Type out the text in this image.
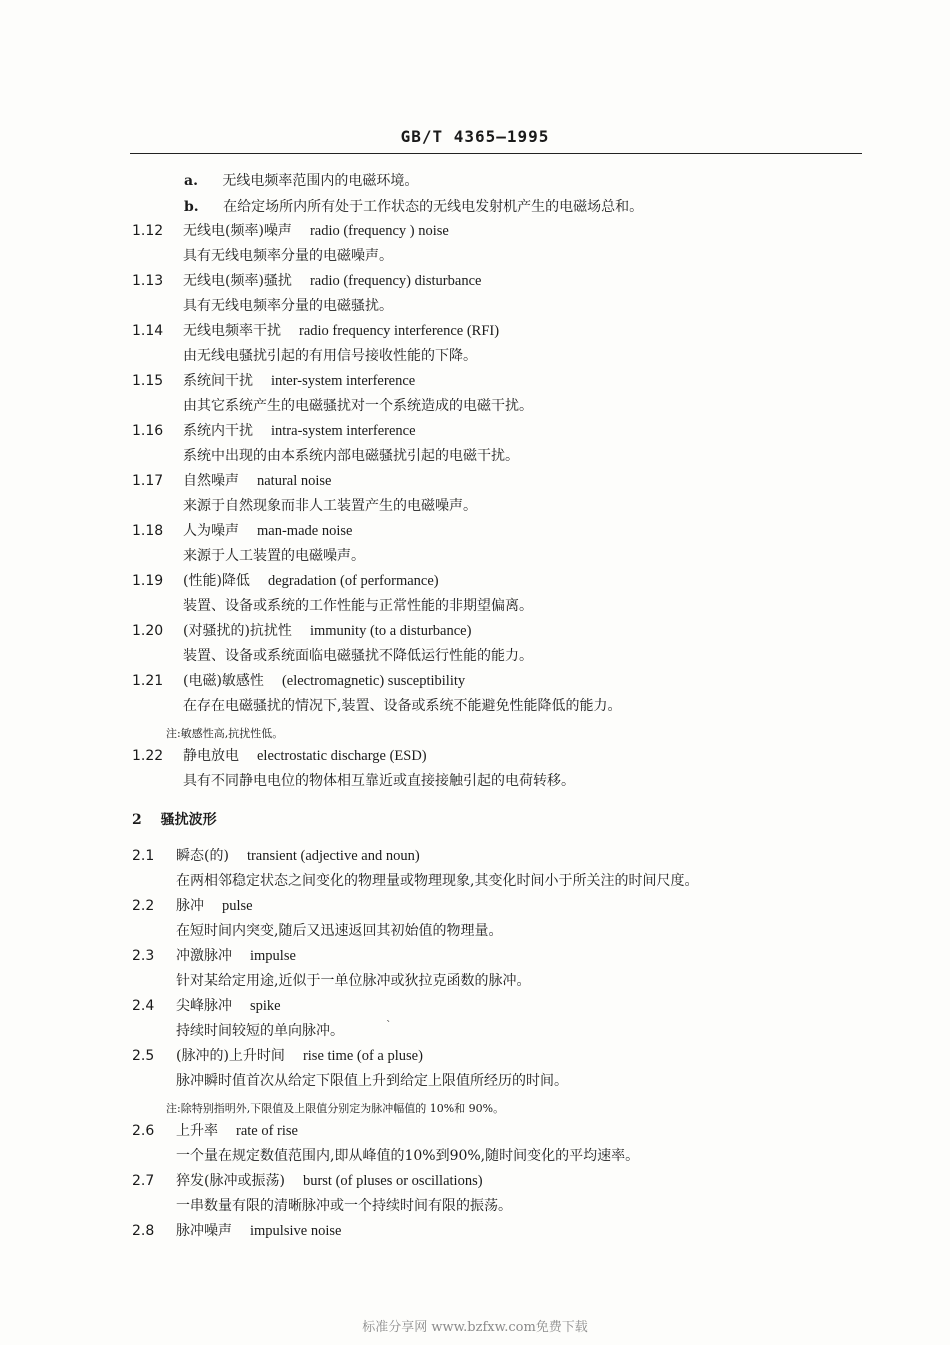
GB/T 4365—1995
a. 无线电频率范围内的电磁环境。
b. 在给定场所内所有处于工作状态的无线电发射机产生的电磁场总和。
1.12 无线电(频率)噪声 radio (frequency ) noise
具有无线电频率分量的电磁噪声。
1.13 无线电(频率)骚扰 radio (frequency) disturbance
具有无线电频率分量的电磁骚扰。
1.14 无线电频率干扰 radio frequency interference (RFI)
由无线电骚扰引起的有用信号接收性能的下降。
1.15 系统间干扰 inter-system interference
由其它系统产生的电磁骚扰对一个系统造成的电磁干扰。
1.16 系统内干扰 intra-system interference
系统中出现的由本系统内部电磁骚扰引起的电磁干扰。
1.17 自然噪声 natural noise
来源于自然现象而非人工装置产生的电磁噪声。
1.18 人为噪声 man-made noise
来源于人工装置的电磁噪声。
1.19 (性能)降低 degradation (of performance)
装置、设备或系统的工作性能与正常性能的非期望偏离。
1.20 (对骚扰的)抗扰性 immunity (to a disturbance)
装置、设备或系统面临电磁骚扰不降低运行性能的能力。
1.21 (电磁)敏感性 (electromagnetic) susceptibility
在存在电磁骚扰的情况下,装置、设备或系统不能避免性能降低的能力。
注:敏感性高,抗扰性低。
1.22 静电放电 electrostatic discharge (ESD)
具有不同静电电位的物体相互靠近或直接接触引起的电荷转移。
2 骚扰波形
2.1 瞬态(的) transient (adjective and noun)
在两相邻稳定状态之间变化的物理量或物理现象,其变化时间小于所关注的时间尺度。
2.2 脉冲 pulse
在短时间内突变,随后又迅速返回其初始值的物理量。
2.3 冲激脉冲 impulse
针对某给定用途,近似于一单位脉冲或狄拉克函数的脉冲。
2.4 尖峰脉冲 spike
持续时间较短的单向脉冲。	ˋ
2.5 (脉冲的)上升时间 rise time (of a pluse)
脉冲瞬时值首次从给定下限值上升到给定上限值所经历的时间。
注:除特别指明外,下限值及上限值分别定为脉冲幅值的 10%和 90%。
2.6 上升率 rate of rise
一个量在规定数值范围内,即从峰值的10%到90%,随时间变化的平均速率。
2.7 猝发(脉冲或振荡) burst (of pluses or oscillations)
一串数量有限的清晰脉冲或一个持续时间有限的振荡。
2.8 脉冲噪声 impulsive noise
标准分享网 www.bzfxw.com免费下载
